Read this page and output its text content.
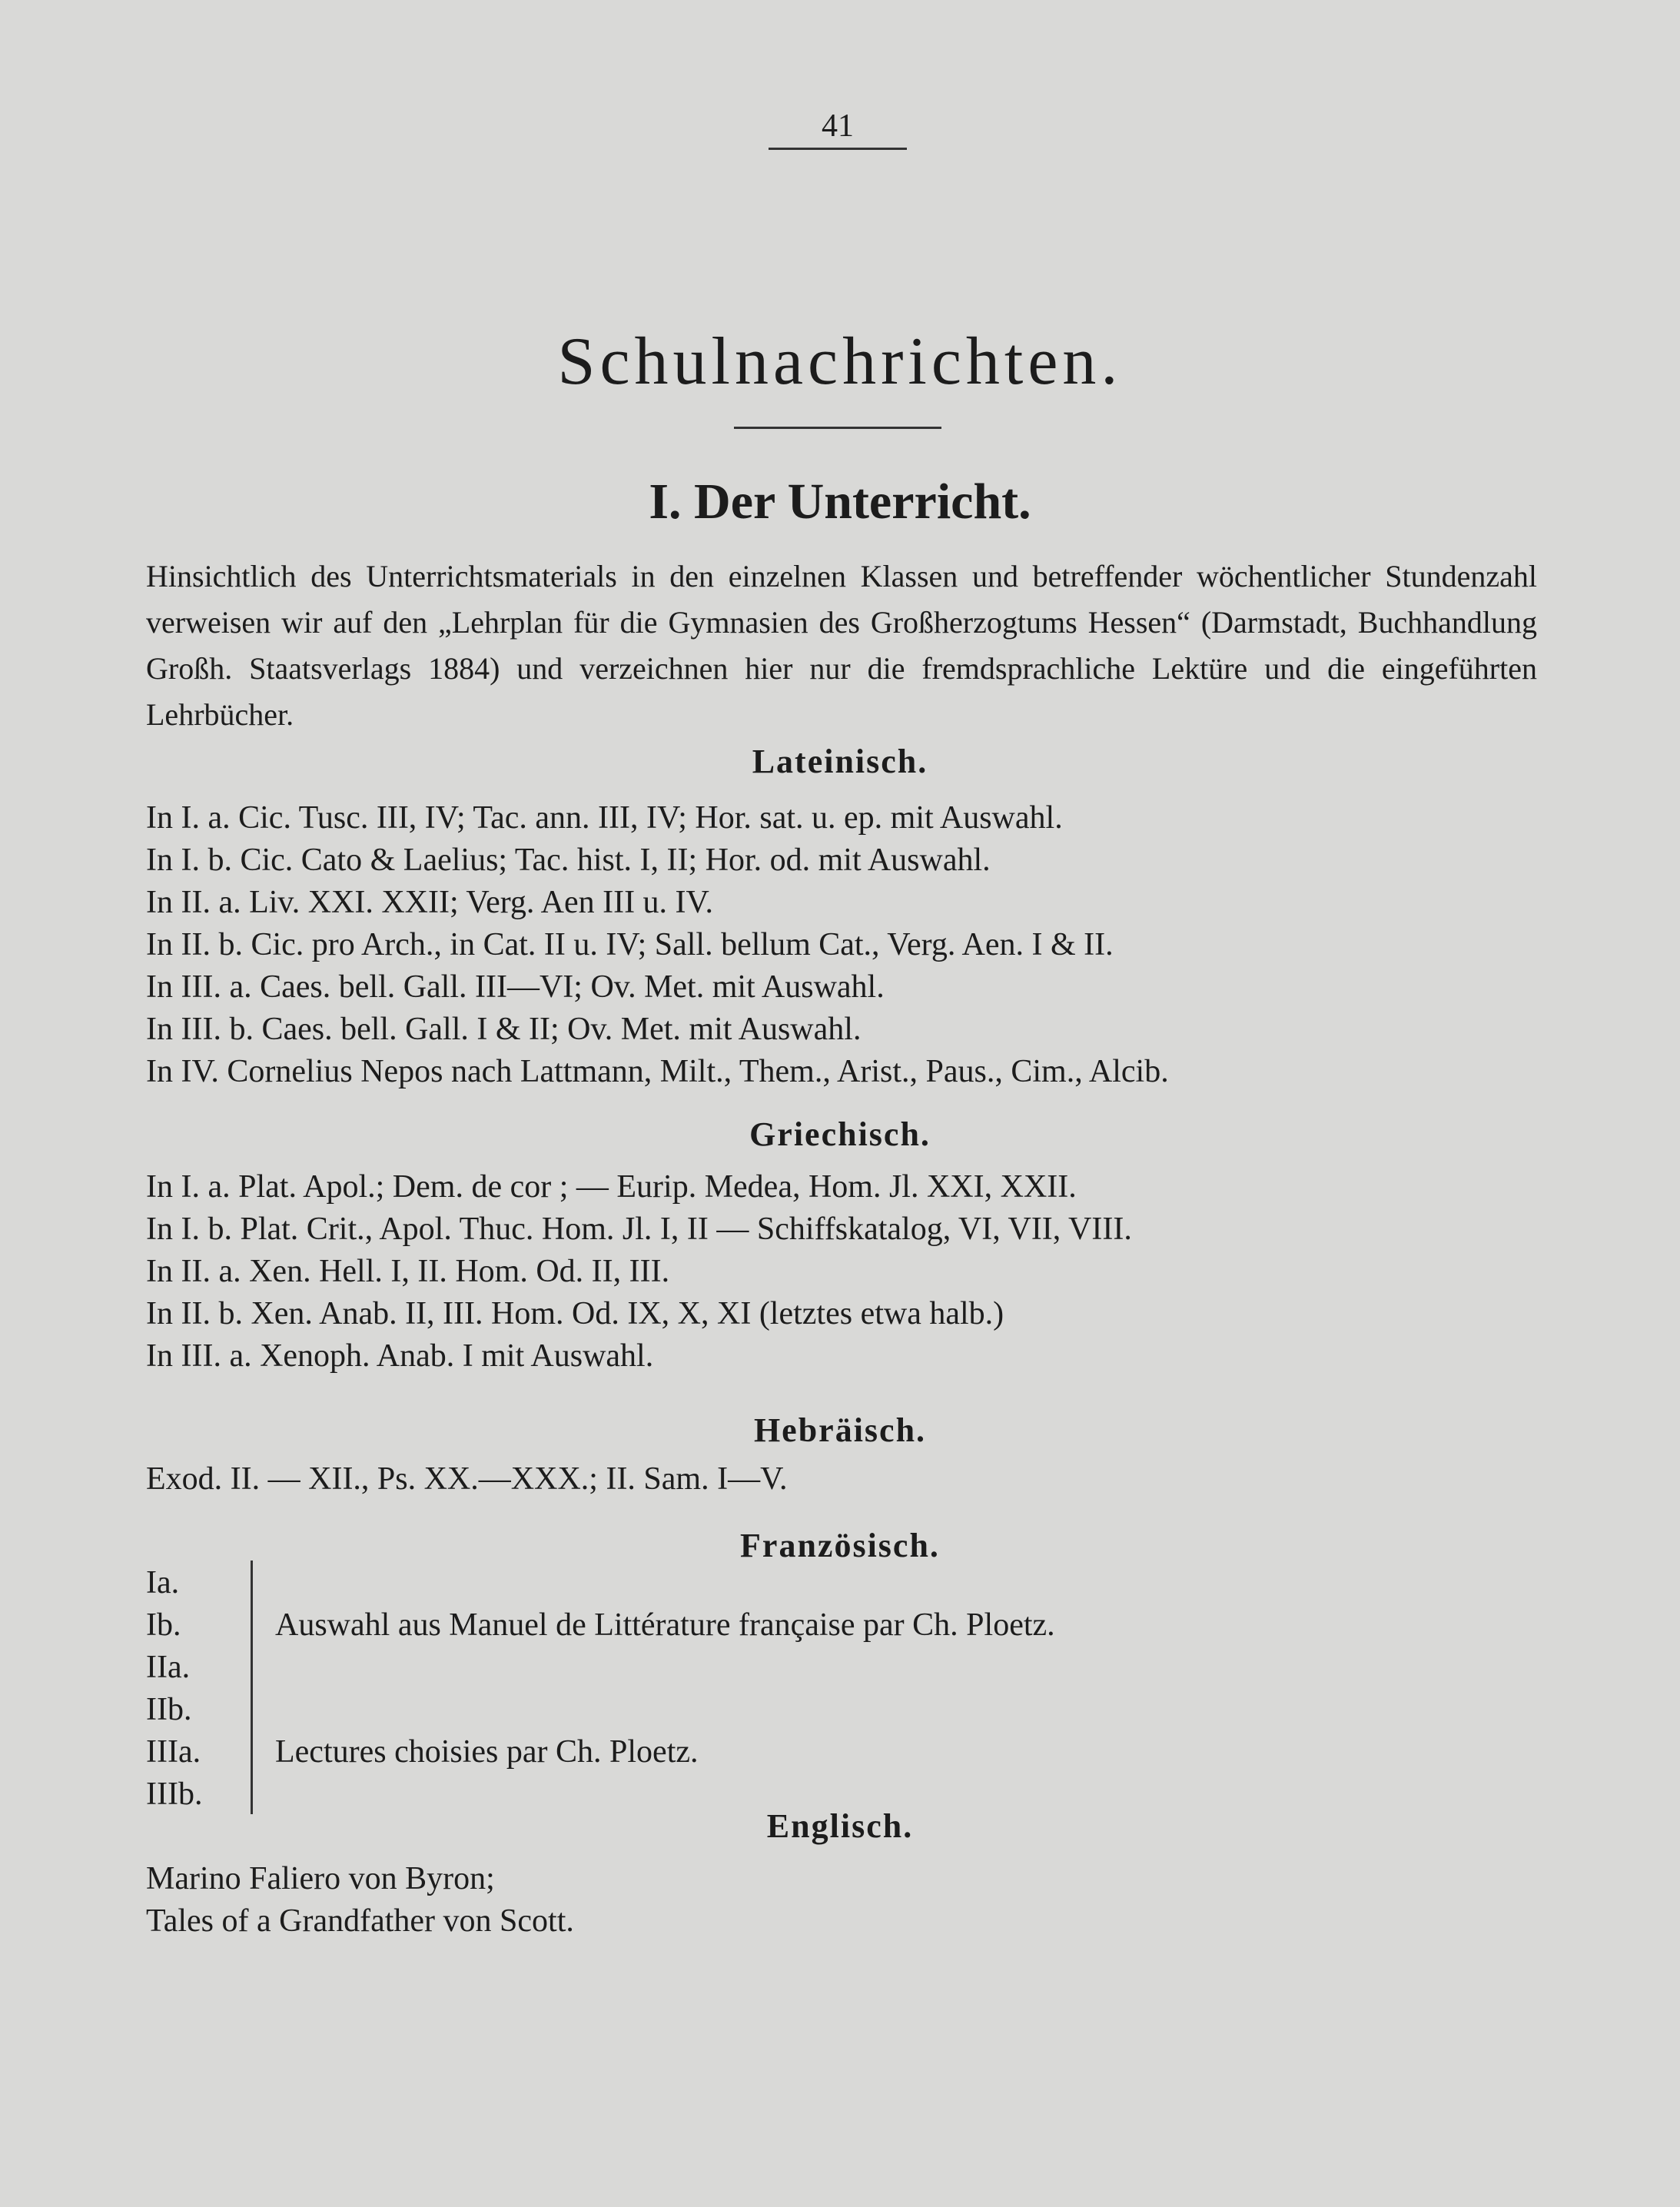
41
Schulnachrichten.
I. Der Unterricht.
Hinsichtlich des Unterrichtsmaterials in den einzelnen Klassen und betreffender wöchentlicher Stundenzahl verweisen wir auf den „Lehrplan für die Gymnasien des Großherzogtums Hessen“ (Darmstadt, Buchhandlung Großh. Staatsverlags 1884) und verzeichnen hier nur die fremdsprachliche Lektüre und die eingeführten Lehrbücher.
Lateinisch.
In I. a. Cic. Tusc. III, IV; Tac. ann. III, IV; Hor. sat. u. ep. mit Auswahl.
In I. b. Cic. Cato & Laelius; Tac. hist. I, II; Hor. od. mit Auswahl.
In II. a. Liv. XXI. XXII; Verg. Aen III u. IV.
In II. b. Cic. pro Arch., in Cat. II u. IV; Sall. bellum Cat., Verg. Aen. I & II.
In III. a. Caes. bell. Gall. III—VI; Ov. Met. mit Auswahl.
In III. b. Caes. bell. Gall. I & II; Ov. Met. mit Auswahl.
In IV. Cornelius Nepos nach Lattmann, Milt., Them., Arist., Paus., Cim., Alcib.
Griechisch.
In I. a. Plat. Apol.; Dem. de cor ; — Eurip. Medea, Hom. Jl. XXI, XXII.
In I. b. Plat. Crit., Apol. Thuc. Hom. Jl. I, II — Schiffskatalog, VI, VII, VIII.
In II. a. Xen. Hell. I, II. Hom. Od. II, III.
In II. b. Xen. Anab. II, III. Hom. Od. IX, X, XI (letztes etwa halb.)
In III. a. Xenoph. Anab. I mit Auswahl.
Hebräisch.
Exod. II. — XII., Ps. XX.—XXX.; II. Sam. I—V.
Französisch.
Ia.
Ib.
IIa.
Auswahl aus Manuel de Littérature française par Ch. Ploetz.
IIb.
IIIa.
IIIb.
Lectures choisies par Ch. Ploetz.
Englisch.
Marino Faliero von Byron;
Tales of a Grandfather von Scott.
